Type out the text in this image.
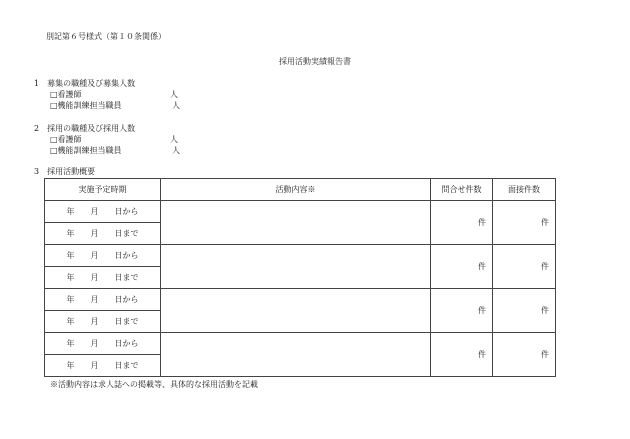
別記第６号様式（第１０条関係）
採用活動実績報告書
1　募集の職種及び募集人数
□看護師	人
□機能訓練担当職員	人
2　採用の職種及び採用人数
□看護師	人
□機能訓練担当職員	人
3　採用活動概要
実施予定時期	活動内容※	問合せ件数	面接件数
年　　月　　日から		件	件
年　　月　　日まで			
年　　月　　日から		件	件
年　　月　　日まで			
年　　月　　日から		件	件
年　　月　　日まで			
年　　月　　日から		件	件
年　　月　　日まで			
※活動内容は求人誌への掲載等、具体的な採用活動を記載
